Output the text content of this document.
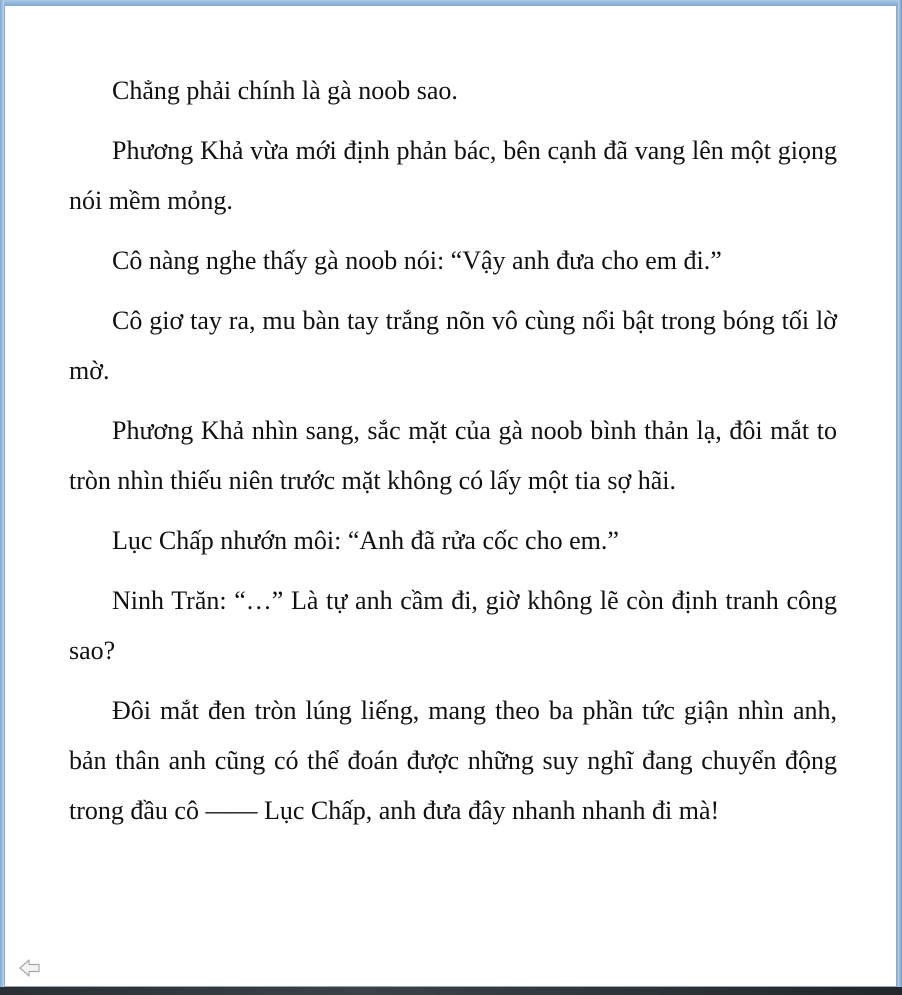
Chẳng phải chính là gà noob sao.

Phương Khả vừa mới định phản bác, bên cạnh đã vang lên một giọng nói mềm mỏng.

Cô nàng nghe thấy gà noob nói: “Vậy anh đưa cho em đi.”

Cô giơ tay ra, mu bàn tay trắng nõn vô cùng nổi bật trong bóng tối lờ mờ.

Phương Khả nhìn sang, sắc mặt của gà noob bình thản lạ, đôi mắt to tròn nhìn thiếu niên trước mặt không có lấy một tia sợ hãi.

Lục Chấp nhướn môi: “Anh đã rửa cốc cho em.”

Ninh Trăn: “…” Là tự anh cầm đi, giờ không lẽ còn định tranh công sao?

Đôi mắt đen tròn lúng liếng, mang theo ba phần tức giận nhìn anh, bản thân anh cũng có thể đoán được những suy nghĩ đang chuyển động trong đầu cô —— Lục Chấp, anh đưa đây nhanh nhanh đi mà!
